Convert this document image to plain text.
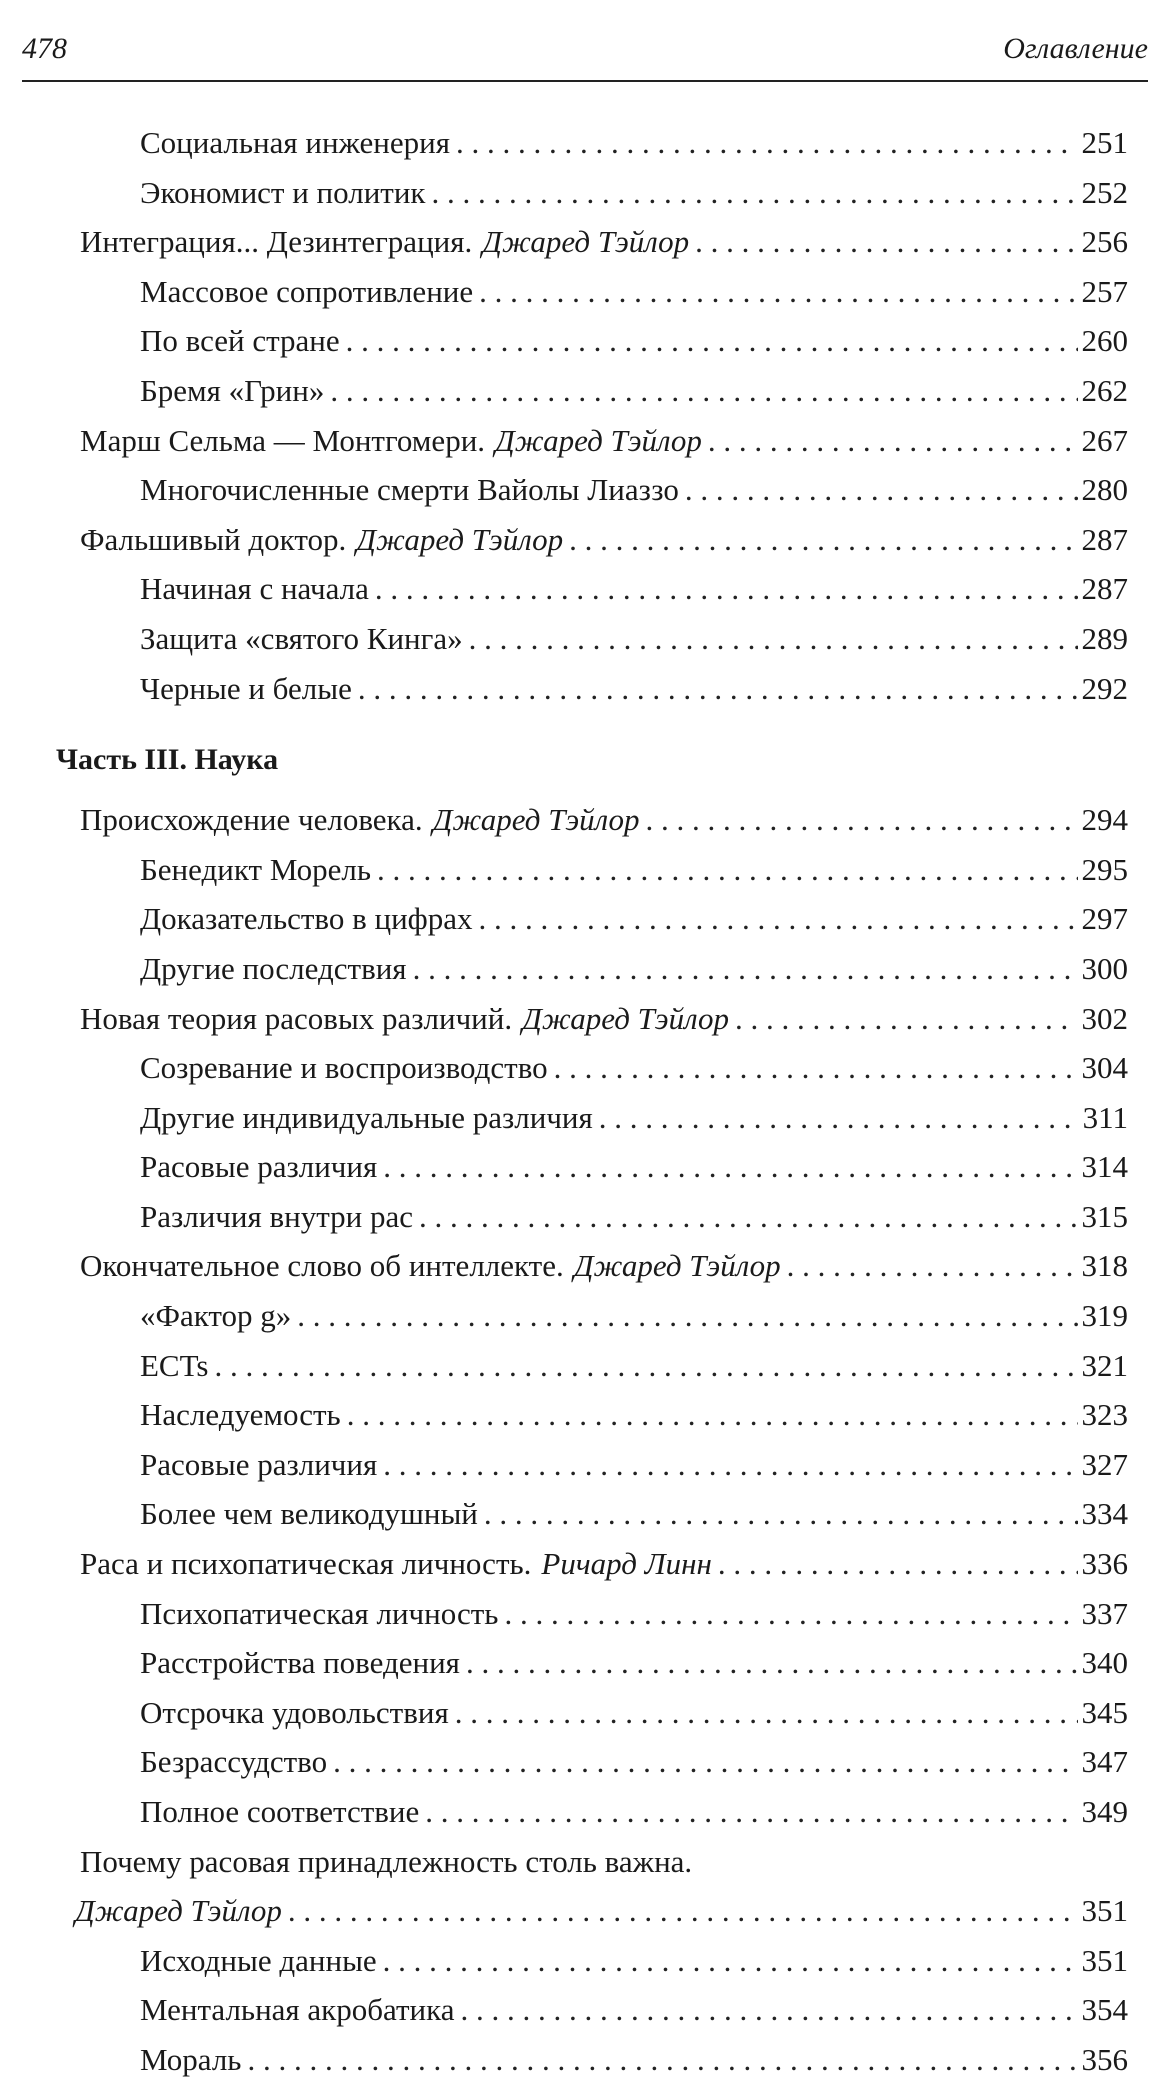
478	Оглавление
Социальная инженерия . . .	251
Экономист и политик . . .	252
Интеграция... Дезинтеграция. Джаред Тэйлор . . .	256
Массовое сопротивление . . .	257
По всей стране . . .	260
Бремя «Грин» . . .	262
Марш Сельма — Монтгомери. Джаред Тэйлор . . .	267
Многочисленные смерти Вайолы Лиаззо . . .	280
Фальшивый доктор. Джаред Тэйлор . . .	287
Начиная с начала . . .	287
Защита «святого Кинга» . . .	289
Черные и белые . . .	292
Часть III. Наука
Происхождение человека. Джаред Тэйлор . . .	294
Бенедикт Морель . . .	295
Доказательство в цифрах . . .	297
Другие последствия . . .	300
Новая теория расовых различий. Джаред Тэйлор . . .	302
Созревание и воспроизводство . . .	304
Другие индивидуальные различия . . .	311
Расовые различия . . .	314
Различия внутри рас . . .	315
Окончательное слово об интеллекте. Джаред Тэйлор . . .	318
«Фактор g» . . .	319
ECTs . . .	321
Наследуемость . . .	323
Расовые различия . . .	327
Более чем великодушный . . .	334
Раса и психопатическая личность. Ричард Линн . . .	336
Психопатическая личность . . .	337
Расстройства поведения . . .	340
Отсрочка удовольствия . . .	345
Безрассудство . . .	347
Полное соответствие . . .	349
Почему расовая принадлежность столь важна.
Джаред Тэйлор . . .	351
Исходные данные . . .	351
Ментальная акробатика . . .	354
Мораль . . .	356
